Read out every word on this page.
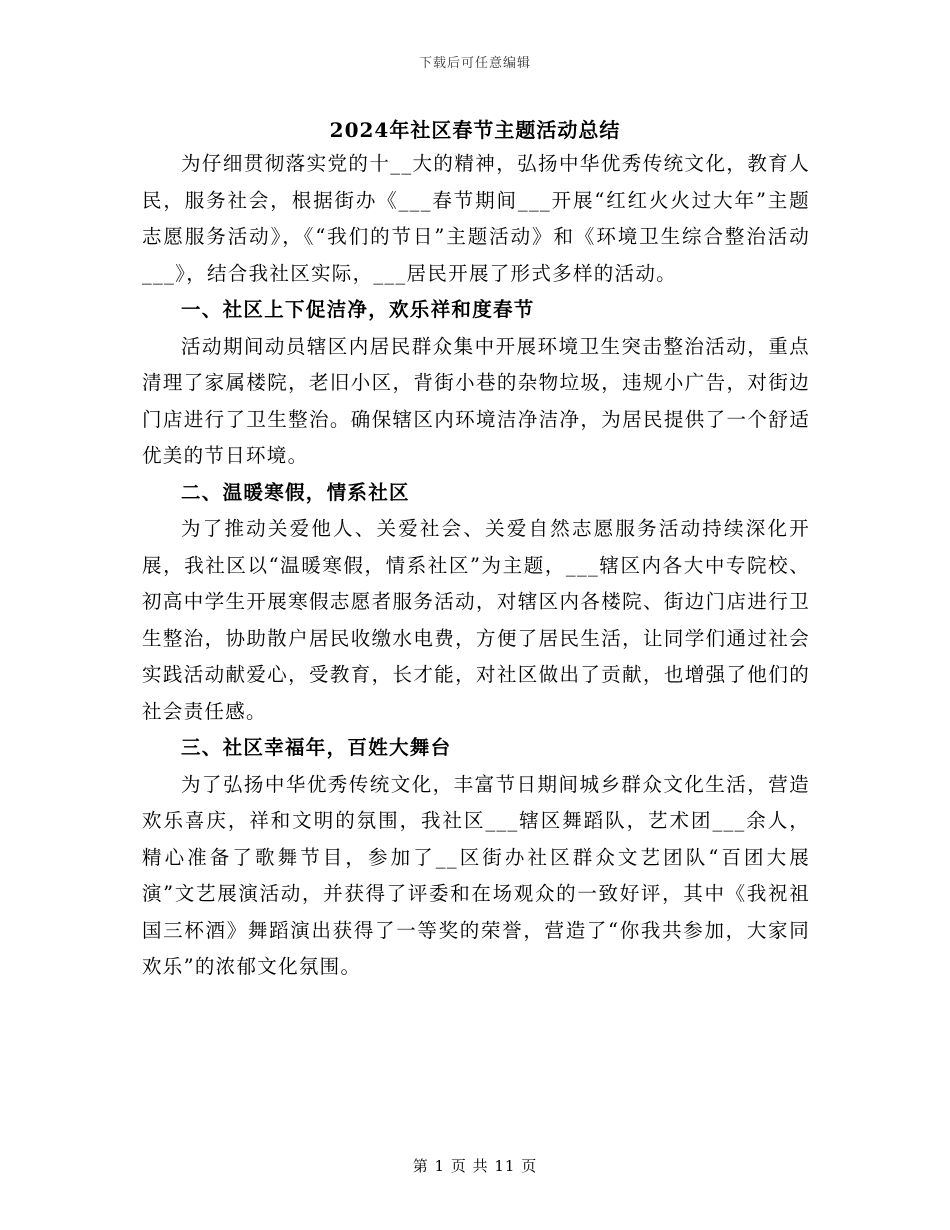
下载后可任意编辑
2024年社区春节主题活动总结

为仔细贯彻落实党的十__大的精神，弘扬中华优秀传统文化，教育人民，服务社会，根据街办《___春节期间___开展“红红火火过大年”主题志愿服务活动》，《“我们的节日”主题活动》和《环境卫生综合整治活动___》，结合我社区实际，___居民开展了形式多样的活动。

一、社区上下促洁净，欢乐祥和度春节

活动期间动员辖区内居民群众集中开展环境卫生突击整治活动，重点清理了家属楼院，老旧小区，背街小巷的杂物垃圾，违规小广告，对街边门店进行了卫生整治。确保辖区内环境洁净洁净，为居民提供了一个舒适优美的节日环境。

二、温暖寒假，情系社区

为了推动关爱他人、关爱社会、关爱自然志愿服务活动持续深化开展，我社区以“温暖寒假，情系社区”为主题，___辖区内各大中专院校、初高中学生开展寒假志愿者服务活动，对辖区内各楼院、街边门店进行卫生整治，协助散户居民收缴水电费，方便了居民生活，让同学们通过社会实践活动献爱心，受教育，长才能，对社区做出了贡献，也增强了他们的社会责任感。

三、社区幸福年，百姓大舞台

为了弘扬中华优秀传统文化，丰富节日期间城乡群众文化生活，营造欢乐喜庆，祥和文明的氛围，我社区___辖区舞蹈队，艺术团___余人，精心准备了歌舞节目，参加了__区街办社区群众文艺团队“百团大展演”文艺展演活动，并获得了评委和在场观众的一致好评，其中《我祝祖国三杯酒》舞蹈演出获得了一等奖的荣誉，营造了“你我共参加，大家同欢乐”的浓郁文化氛围。

第 1 页 共 11 页
